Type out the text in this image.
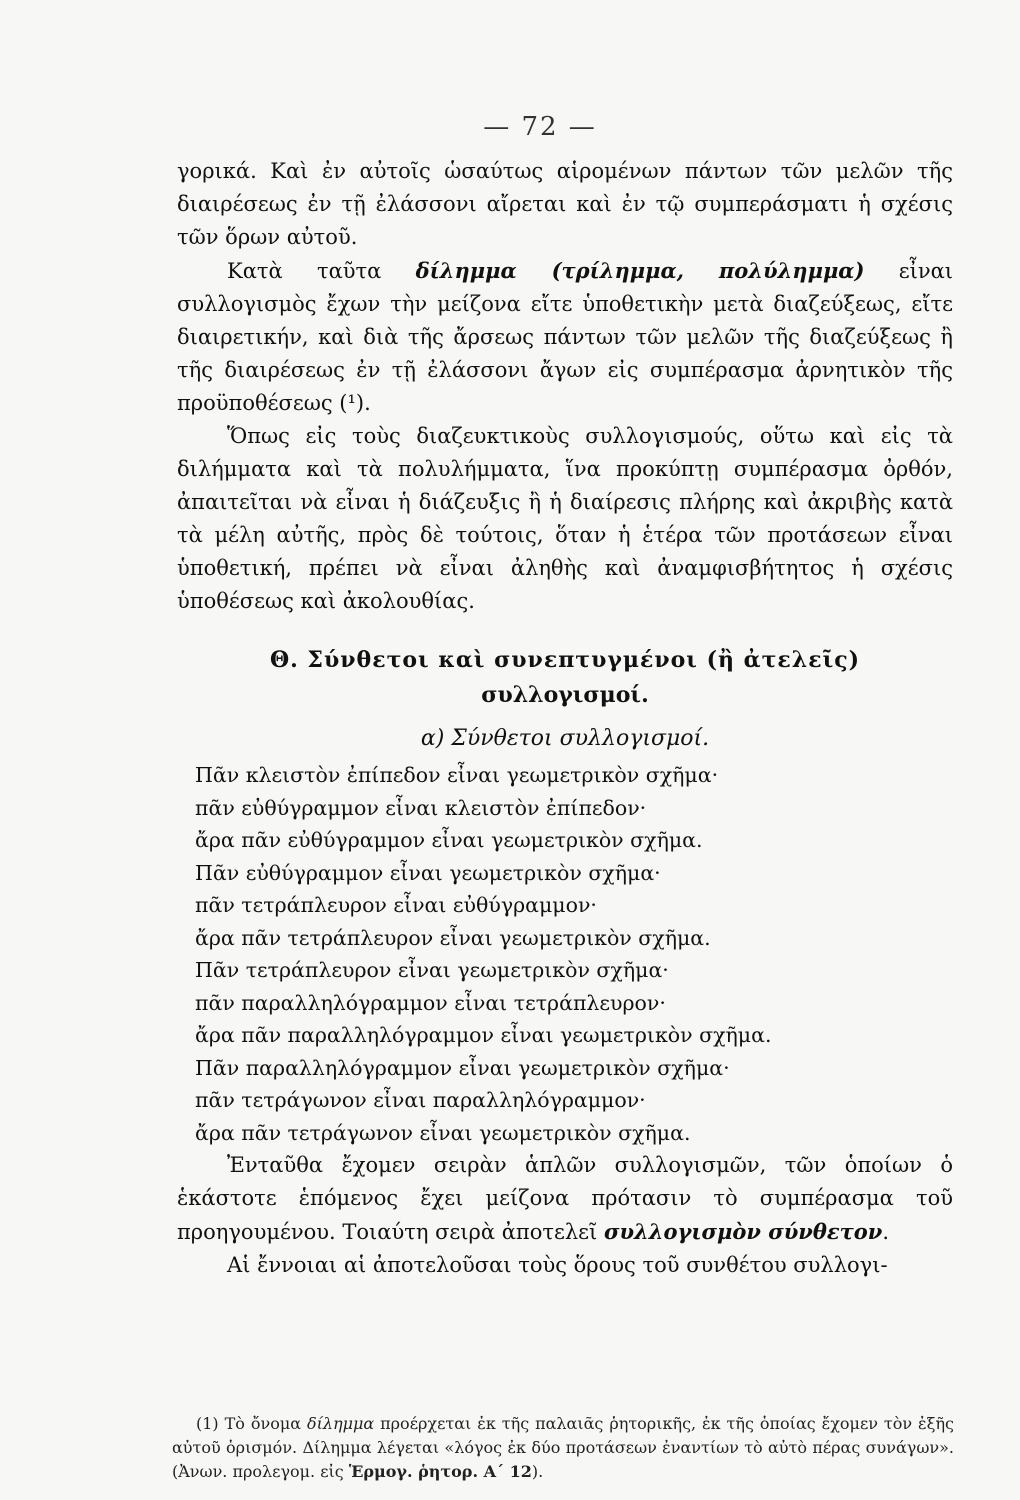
— 72 —

γορικά. Καὶ ἐν αὐτοῖς ὡσαύτως αἱρομένων πάντων τῶν μελῶν τῆς διαιρέσεως ἐν τῇ ἐλάσσονι αἴρεται καὶ ἐν τῷ συμπεράσματι ἡ σχέσις τῶν ὅρων αὐτοῦ.

Κατὰ ταῦτα δίλημμα (τρίλημμα, πολύλημμα) εἶναι συλλογισμὸς ἔχων τὴν μείζονα εἴτε ὑποθετικὴν μετὰ διαζεύξεως, εἴτε διαιρετικήν, καὶ διὰ τῆς ἄρσεως πάντων τῶν μελῶν τῆς διαζεύξεως ἢ τῆς διαιρέσεως ἐν τῇ ἐλάσσονι ἄγων εἰς συμπέρασμα ἀρνητικὸν τῆς προϋποθέσεως (¹).

Ὅπως εἰς τοὺς διαζευκτικοὺς συλλογισμούς, οὕτω καὶ εἰς τὰ διλήμματα καὶ τὰ πολυλήμματα, ἵνα προκύπτῃ συμπέρασμα ὀρθόν, ἀπαιτεῖται νὰ εἶναι ἡ διάζευξις ἢ ἡ διαίρεσις πλήρης καὶ ἀκριβὴς κατὰ τὰ μέλη αὐτῆς, πρὸς δὲ τούτοις, ὅταν ἡ ἑτέρα τῶν προτάσεων εἶναι ὑποθετική, πρέπει νὰ εἶναι ἀληθὴς καὶ ἀναμφισβήτητος ἡ σχέσις ὑποθέσεως καὶ ἀκολουθίας.

Θ. Σύνθετοι καὶ συνεπτυγμένοι (ἢ ἀτελεῖς)
συλλογισμοί.
α) Σύνθετοι συλλογισμοί.
Πᾶν κλειστὸν ἐπίπεδον εἶναι γεωμετρικὸν σχῆμα·
πᾶν εὐθύγραμμον εἶναι κλειστὸν ἐπίπεδον·
ἄρα πᾶν εὐθύγραμμον εἶναι γεωμετρικὸν σχῆμα.
Πᾶν εὐθύγραμμον εἶναι γεωμετρικὸν σχῆμα·
πᾶν τετράπλευρον εἶναι εὐθύγραμμον·
ἄρα πᾶν τετράπλευρον εἶναι γεωμετρικὸν σχῆμα.
Πᾶν τετράπλευρον εἶναι γεωμετρικὸν σχῆμα·
πᾶν παραλληλόγραμμον εἶναι τετράπλευρον·
ἄρα πᾶν παραλληλόγραμμον εἶναι γεωμετρικὸν σχῆμα.
Πᾶν παραλληλόγραμμον εἶναι γεωμετρικὸν σχῆμα·
πᾶν τετράγωνον εἶναι παραλληλόγραμμον·
ἄρα πᾶν τετράγωνον εἶναι γεωμετρικὸν σχῆμα.

Ἐνταῦθα ἔχομεν σειρὰν ἁπλῶν συλλογισμῶν, τῶν ὁποίων ὁ ἑκάστοτε ἑπόμενος ἔχει μείζονα πρότασιν τὸ συμπέρασμα τοῦ προηγουμένου. Τοιαύτη σειρὰ ἀποτελεῖ συλλογισμὸν σύνθετον.

Αἱ ἔννοιαι αἱ ἀποτελοῦσαι τοὺς ὅρους τοῦ συνθέτου συλλογι-

(1) Τὸ ὄνομα δίλημμα προέρχεται ἐκ τῆς παλαιᾶς ῥητορικῆς, ἐκ τῆς ὁποίας ἔχομεν τὸν ἑξῆς αὐτοῦ ὁρισμόν. Δίλημμα λέγεται «λόγος ἐκ δύο προτάσεων ἐναντίων τὸ αὐτὸ πέρας συνάγων». (Ἀνων. προλεγομ. εἰς Ἑρμογ. ῥητορ. Α΄ 12).
